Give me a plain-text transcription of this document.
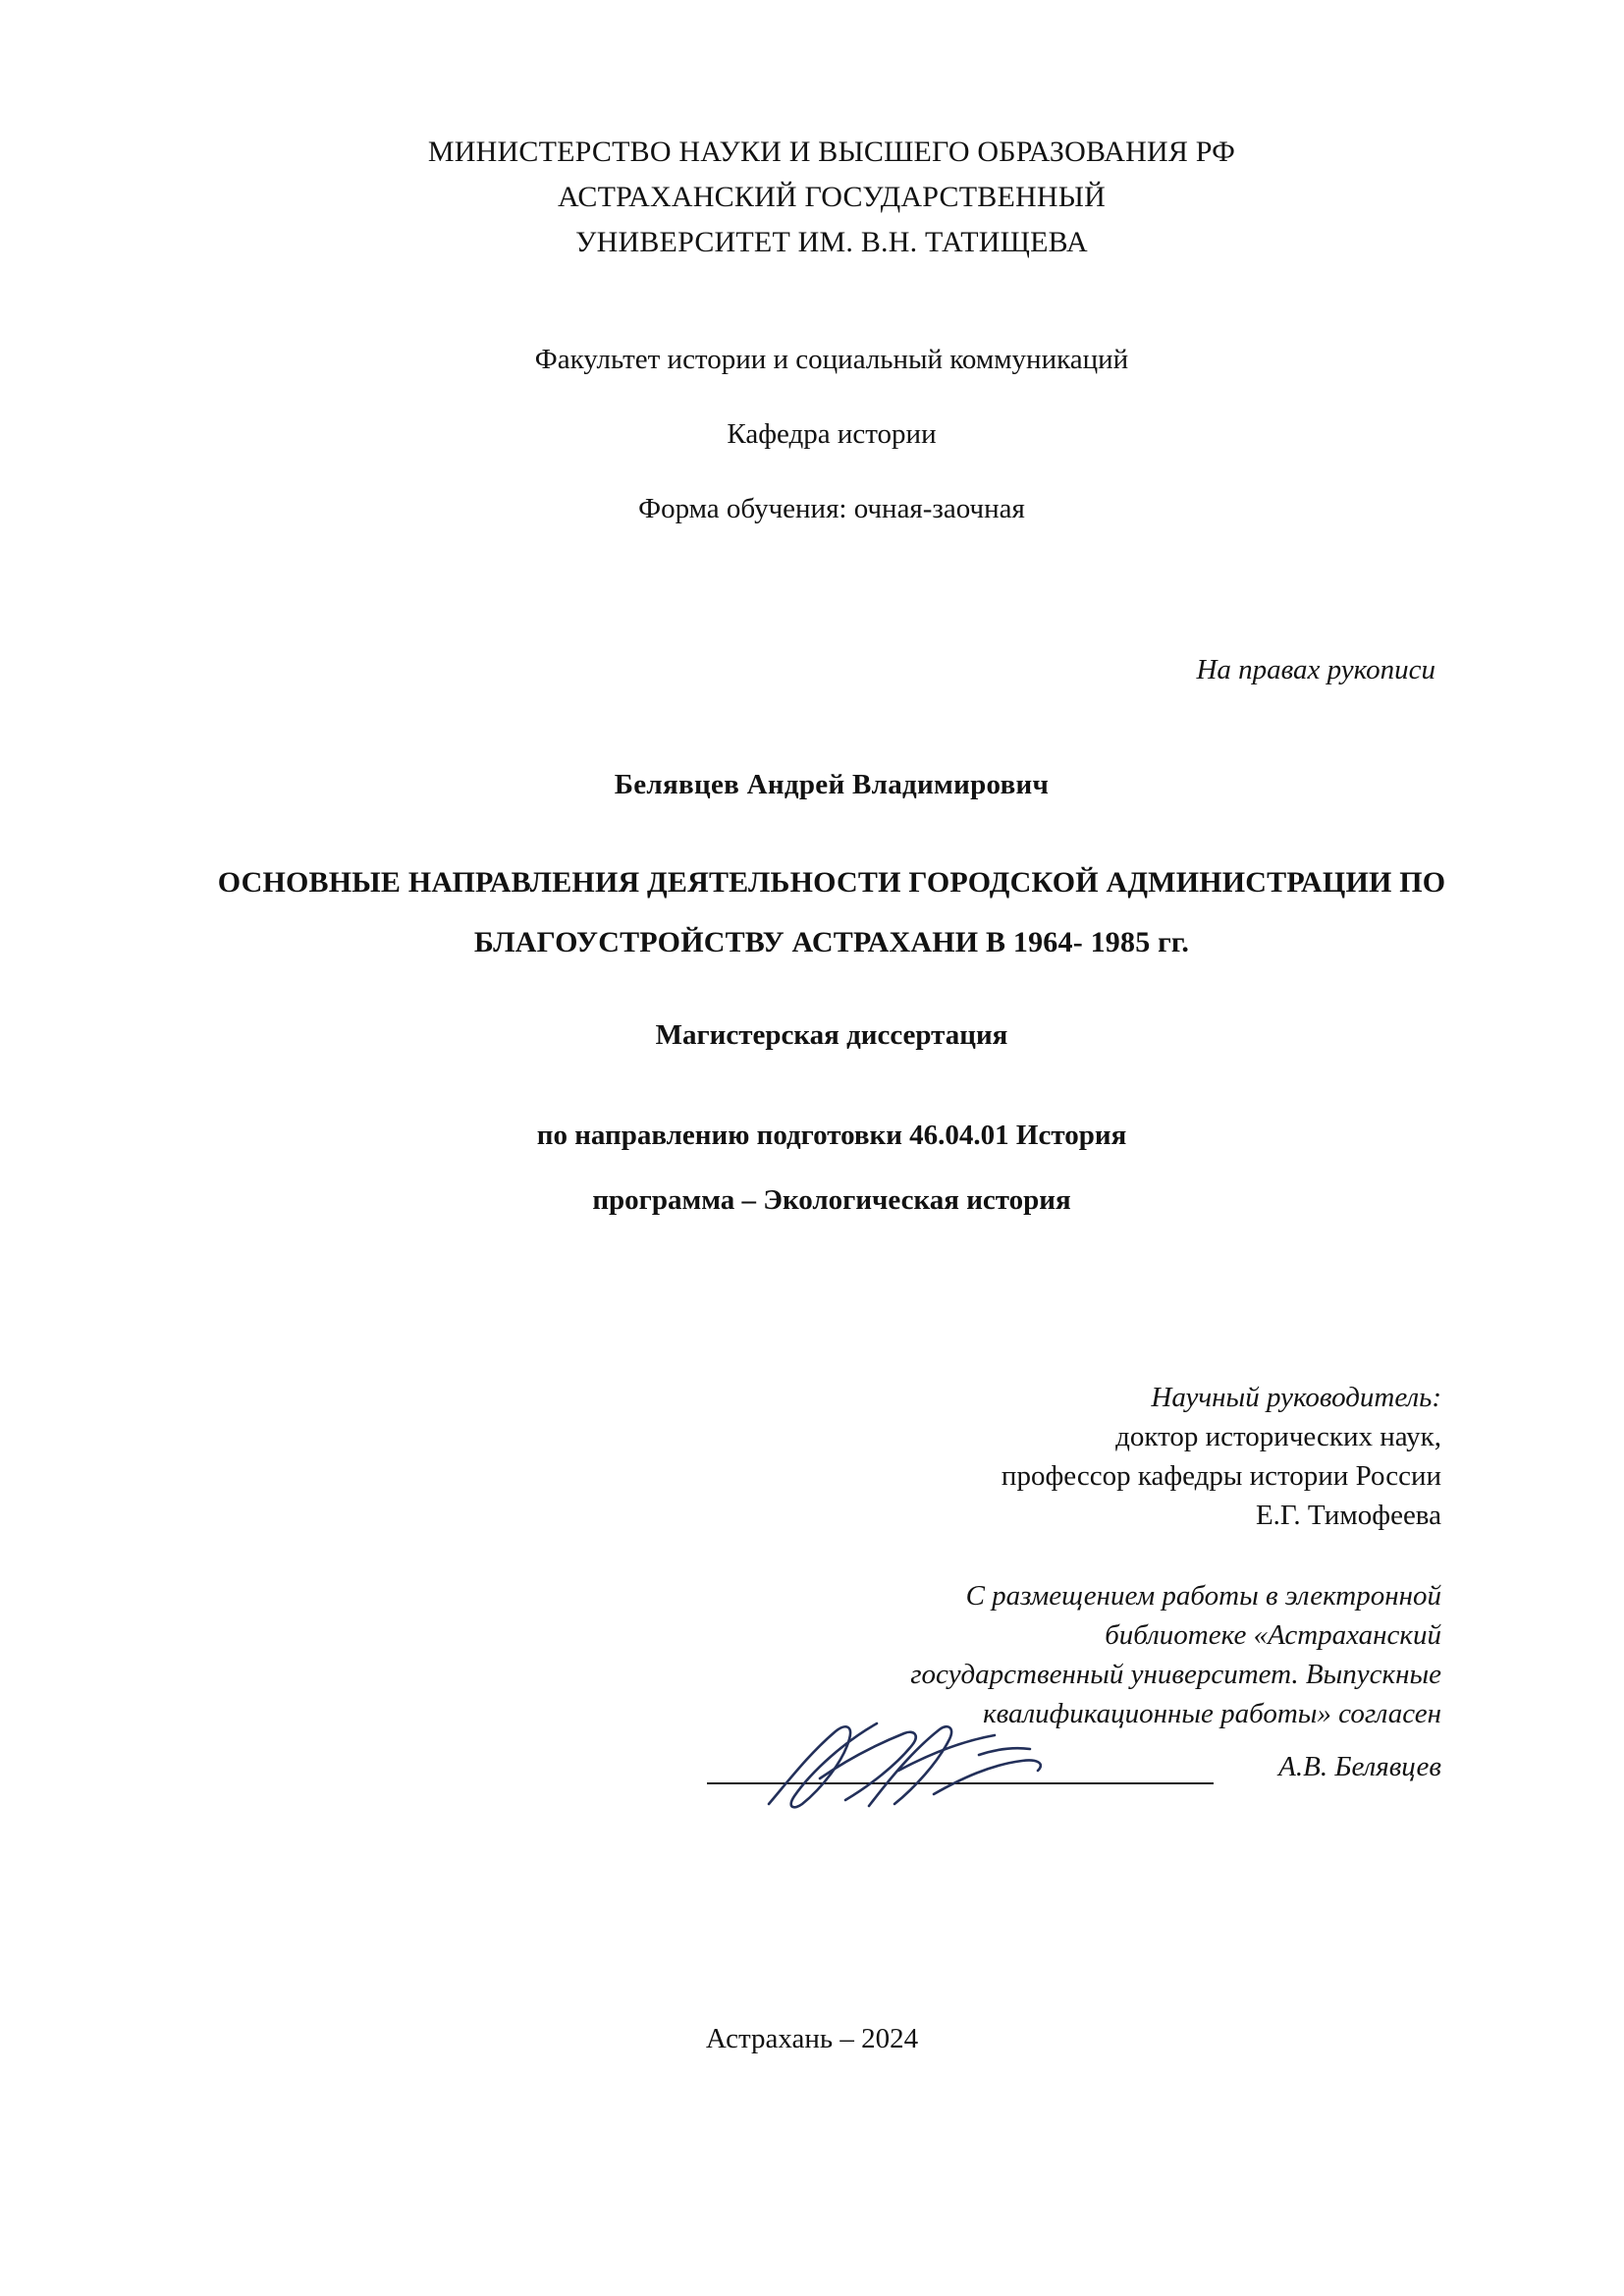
МИНИСТЕРСТВО НАУКИ И ВЫСШЕГО ОБРАЗОВАНИЯ РФ
АСТРАХАНСКИЙ ГОСУДАРСТВЕННЫЙ
УНИВЕРСИТЕТ ИМ. В.Н. ТАТИЩЕВА
Факультет истории и социальный коммуникаций
Кафедра истории
Форма обучения: очная-заочная
На правах рукописи
Белявцев Андрей Владимирович
ОСНОВНЫЕ НАПРАВЛЕНИЯ ДЕЯТЕЛЬНОСТИ ГОРОДСКОЙ АДМИНИСТРАЦИИ ПО БЛАГОУСТРОЙСТВУ АСТРАХАНИ В 1964- 1985 гг.
Магистерская диссертация
по направлению подготовки 46.04.01 История
программа – Экологическая история
Научный руководитель:
доктор исторических наук,
профессор кафедры истории России
Е.Г. Тимофеева
С размещением работы в электронной
библиотеке «Астраханский
государственный университет. Выпускные
квалификационные работы» согласен
А.В. Белявцев
Астрахань – 2024
